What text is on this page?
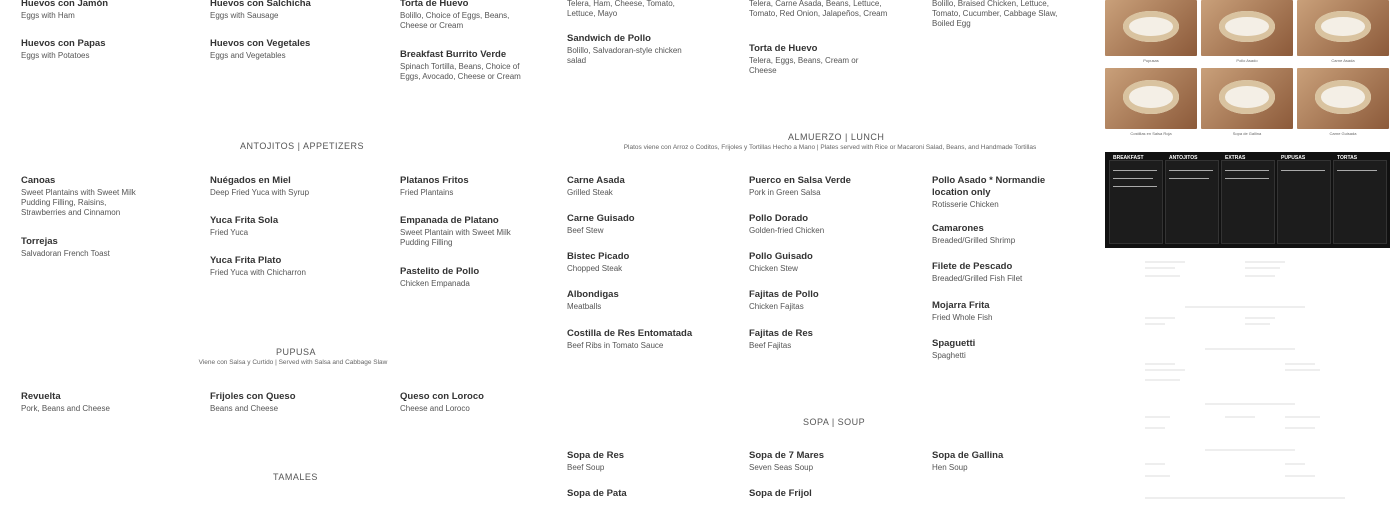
Huevos con Jamón
Eggs with Ham
Huevos con Papas
Eggs with Potatoes
Canoas
Sweet Plantains with Sweet Milk Pudding Filling, Raisins, Strawberries and Cinnamon
Torrejas
Salvadoran French Toast
Revuelta
Pork, Beans and Cheese
Huevos con Salchicha
Eggs with Sausage
Huevos con Vegetales
Eggs and Vegetables
Nuégados en Miel
Deep Fried Yuca with Syrup
Yuca Frita Sola
Fried Yuca
Yuca Frita Plato
Fried Yuca with Chicharron
Frijoles con Queso
Beans and Cheese
Torta de Huevo
Bolillo, Choice of Eggs, Beans, Cheese or Cream
Breakfast Burrito Verde
Spinach Tortilla, Beans, Choice of Eggs, Avocado, Cheese or Cream
Platanos Fritos
Fried Plantains
Empanada de Platano
Sweet Plantain with Sweet Milk Pudding Filling
Pastelito de Pollo
Chicken Empanada
Queso con Loroco
Cheese and Loroco
Telera, Ham, Cheese, Tomato, Lettuce, Mayo
Sandwich de Pollo
Bolillo, Salvadoran-style chicken salad
Carne Asada
Grilled Steak
Carne Guisado
Beef Stew
Bistec Picado
Chopped Steak
Albondigas
Meatballs
Costilla de Res Entomatada
Beef Ribs in Tomato Sauce
Sopa de Res
Beef Soup
Sopa de Pata
Telera, Carne Asada, Beans, Lettuce, Tomato, Red Onion, Jalapeños, Cream
Torta de Huevo
Telera, Eggs, Beans, Cream or Cheese
Puerco en Salsa Verde
Pork in Green Salsa
Pollo Dorado
Golden-fried Chicken
Pollo Guisado
Chicken Stew
Fajitas de Pollo
Chicken Fajitas
Fajitas de Res
Beef Fajitas
Sopa de 7 Mares
Seven Seas Soup
Sopa de Frijol
Bolillo, Braised Chicken, Lettuce, Tomato, Cucumber, Cabbage Slaw, Boiled Egg
Pollo Asado * Normandie location only
Rotisserie Chicken
Camarones
Breaded/Grilled Shrimp
Filete de Pescado
Breaded/Grilled Fish Filet
Mojarra Frita
Fried Whole Fish
Spaguetti
Spaghetti
Sopa de Gallina
Hen Soup
ANTOJITOS | APPETIZERS
ALMUERZO | LUNCH
Platos viene con Arroz o Coditos, Frijoles y Tortillas Hecho a Mano | Plates served with Rice or Macaroni Salad, Beans, and Handmade Tortillas
PUPUSA
Viene con Salsa y Curtido | Served with Salsa and Cabbage Slaw
SOPA | SOUP
TAMALES
Pupusas	Pollo Asado	Carne Asada
Costillas en Salsa Roja	Sopa de Gallina	Carne Guisada
BREAKFAST	ANTOJITOS	EXTRAS	PUPUSAS	TORTAS
